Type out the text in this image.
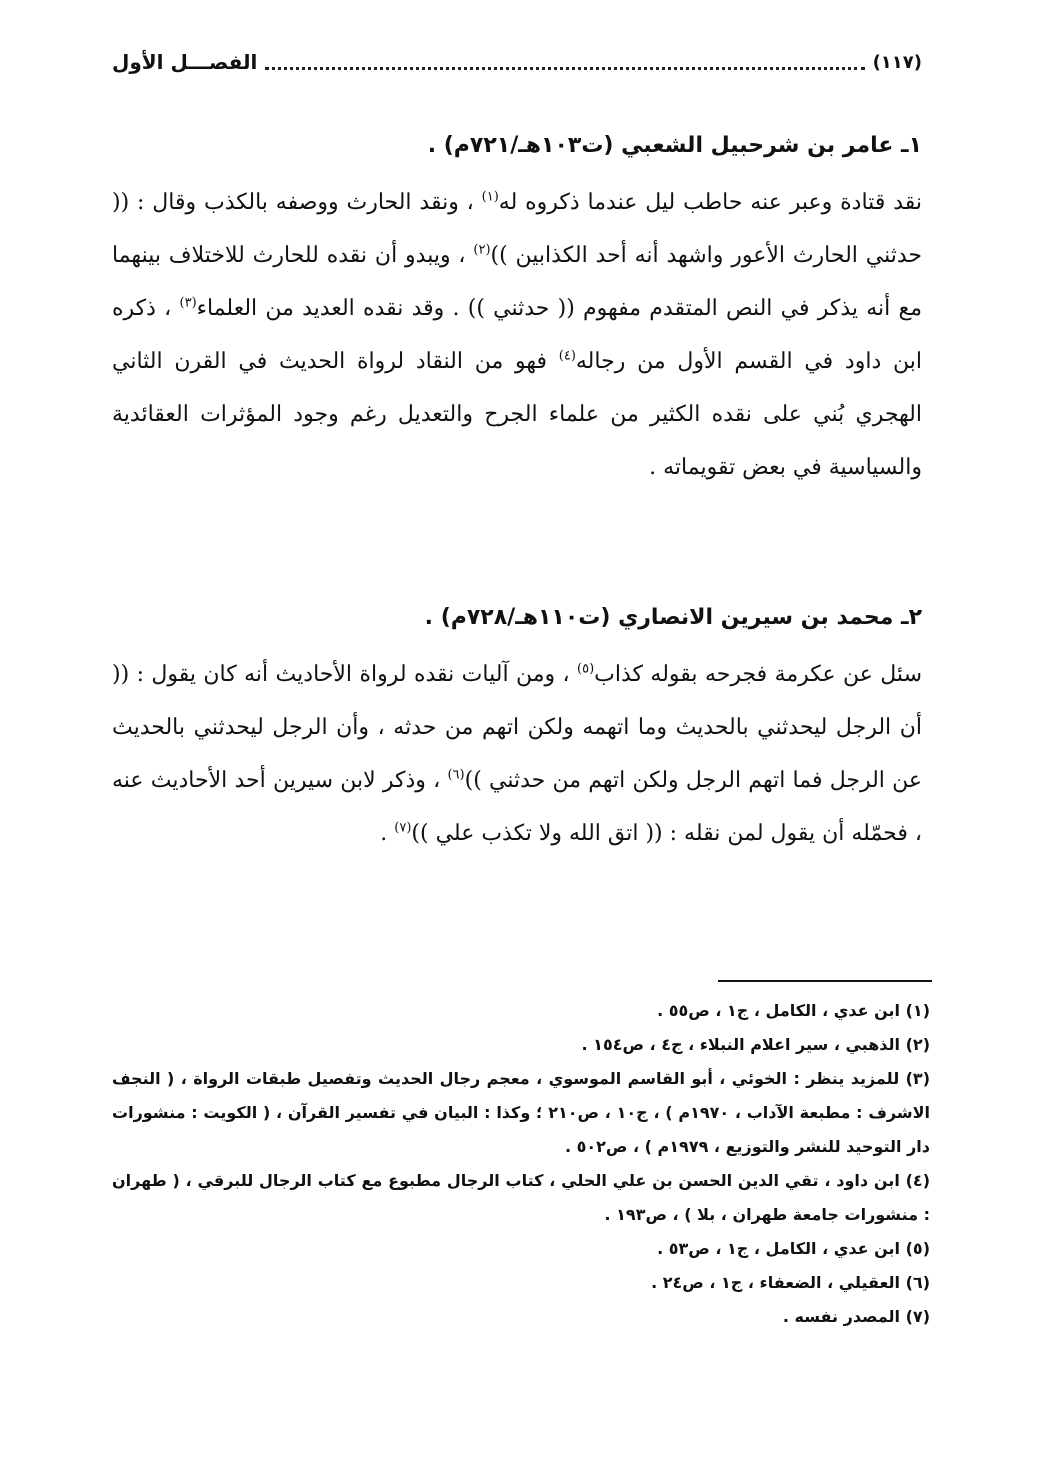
الفصـــل الأول	(١١٧)
١ـ عامر بن شرحبيل الشعبي (ت١٠٣هـ/٧٢١م) .
نقد قتادة وعبر عنه حاطب ليل عندما ذكروه له$^{(١)}$ ، ونقد الحارث ووصفه بالكذب وقال : (( حدثني الحارث الأعور واشهد أنه أحد الكذابين ))$^{(٢)}$ ، ويبدو أن نقده للحارث للاختلاف بينهما مع أنه يذكر في النص المتقدم مفهوم (( حدثني )) . وقد نقده العديد من العلماء$^{(٣)}$ ، ذكره ابن داود في القسم الأول من رجاله$^{(٤)}$ فهو من النقاد لرواة الحديث في القرن الثاني الهجري بُني على نقده الكثير من علماء الجرح والتعديل رغم وجود المؤثرات العقائدية والسياسية في بعض تقويماته .
٢ـ محمد بن سيرين الانصاري (ت١١٠هـ/٧٢٨م) .
سئل عن عكرمة فجرحه بقوله كذاب$^{(٥)}$ ، ومن آليات نقده لرواة الأحاديث أنه كان يقول : (( أن الرجل ليحدثني بالحديث وما اتهمه ولكن اتهم من حدثه ، وأن الرجل ليحدثني بالحديث عن الرجل فما اتهم الرجل ولكن اتهم من حدثني ))$^{(٦)}$ ، وذكر لابن سيرين أحد الأحاديث عنه ، فحمّله أن يقول لمن نقله : (( اتق الله ولا تكذب علي ))$^{(٧)}$ .

(١) ابن عدي ، الكامل ، ج١ ، ص٥٥ .

(٢) الذهبي ، سير اعلام النبلاء ، ج٤ ، ص١٥٤ .

(٣) للمزيد ينظر : الخوئي ، أبو القاسم الموسوي ، معجم رجال الحديث وتفصيل طبقات الرواة ، ( النجف الاشرف : مطبعة الآداب ، ١٩٧٠م ) ، ج١٠ ، ص٢١٠ ؛ وكذا : البيان في تفسير القرآن ، ( الكويت : منشورات دار التوحيد للنشر والتوزيع ، ١٩٧٩م ) ، ص٥٠٢ .

(٤) ابن داود ، تقي الدين الحسن بن علي الحلي ، كتاب الرجال مطبوع مع كتاب الرجال للبرقي ، ( طهران : منشورات جامعة طهران ، بلا ) ، ص١٩٣ .

(٥) ابن عدي ، الكامل ، ج١ ، ص٥٣ .

(٦) العقيلي ، الضعفاء ، ج١ ، ص٢٤ .

(٧) المصدر نفسه .
